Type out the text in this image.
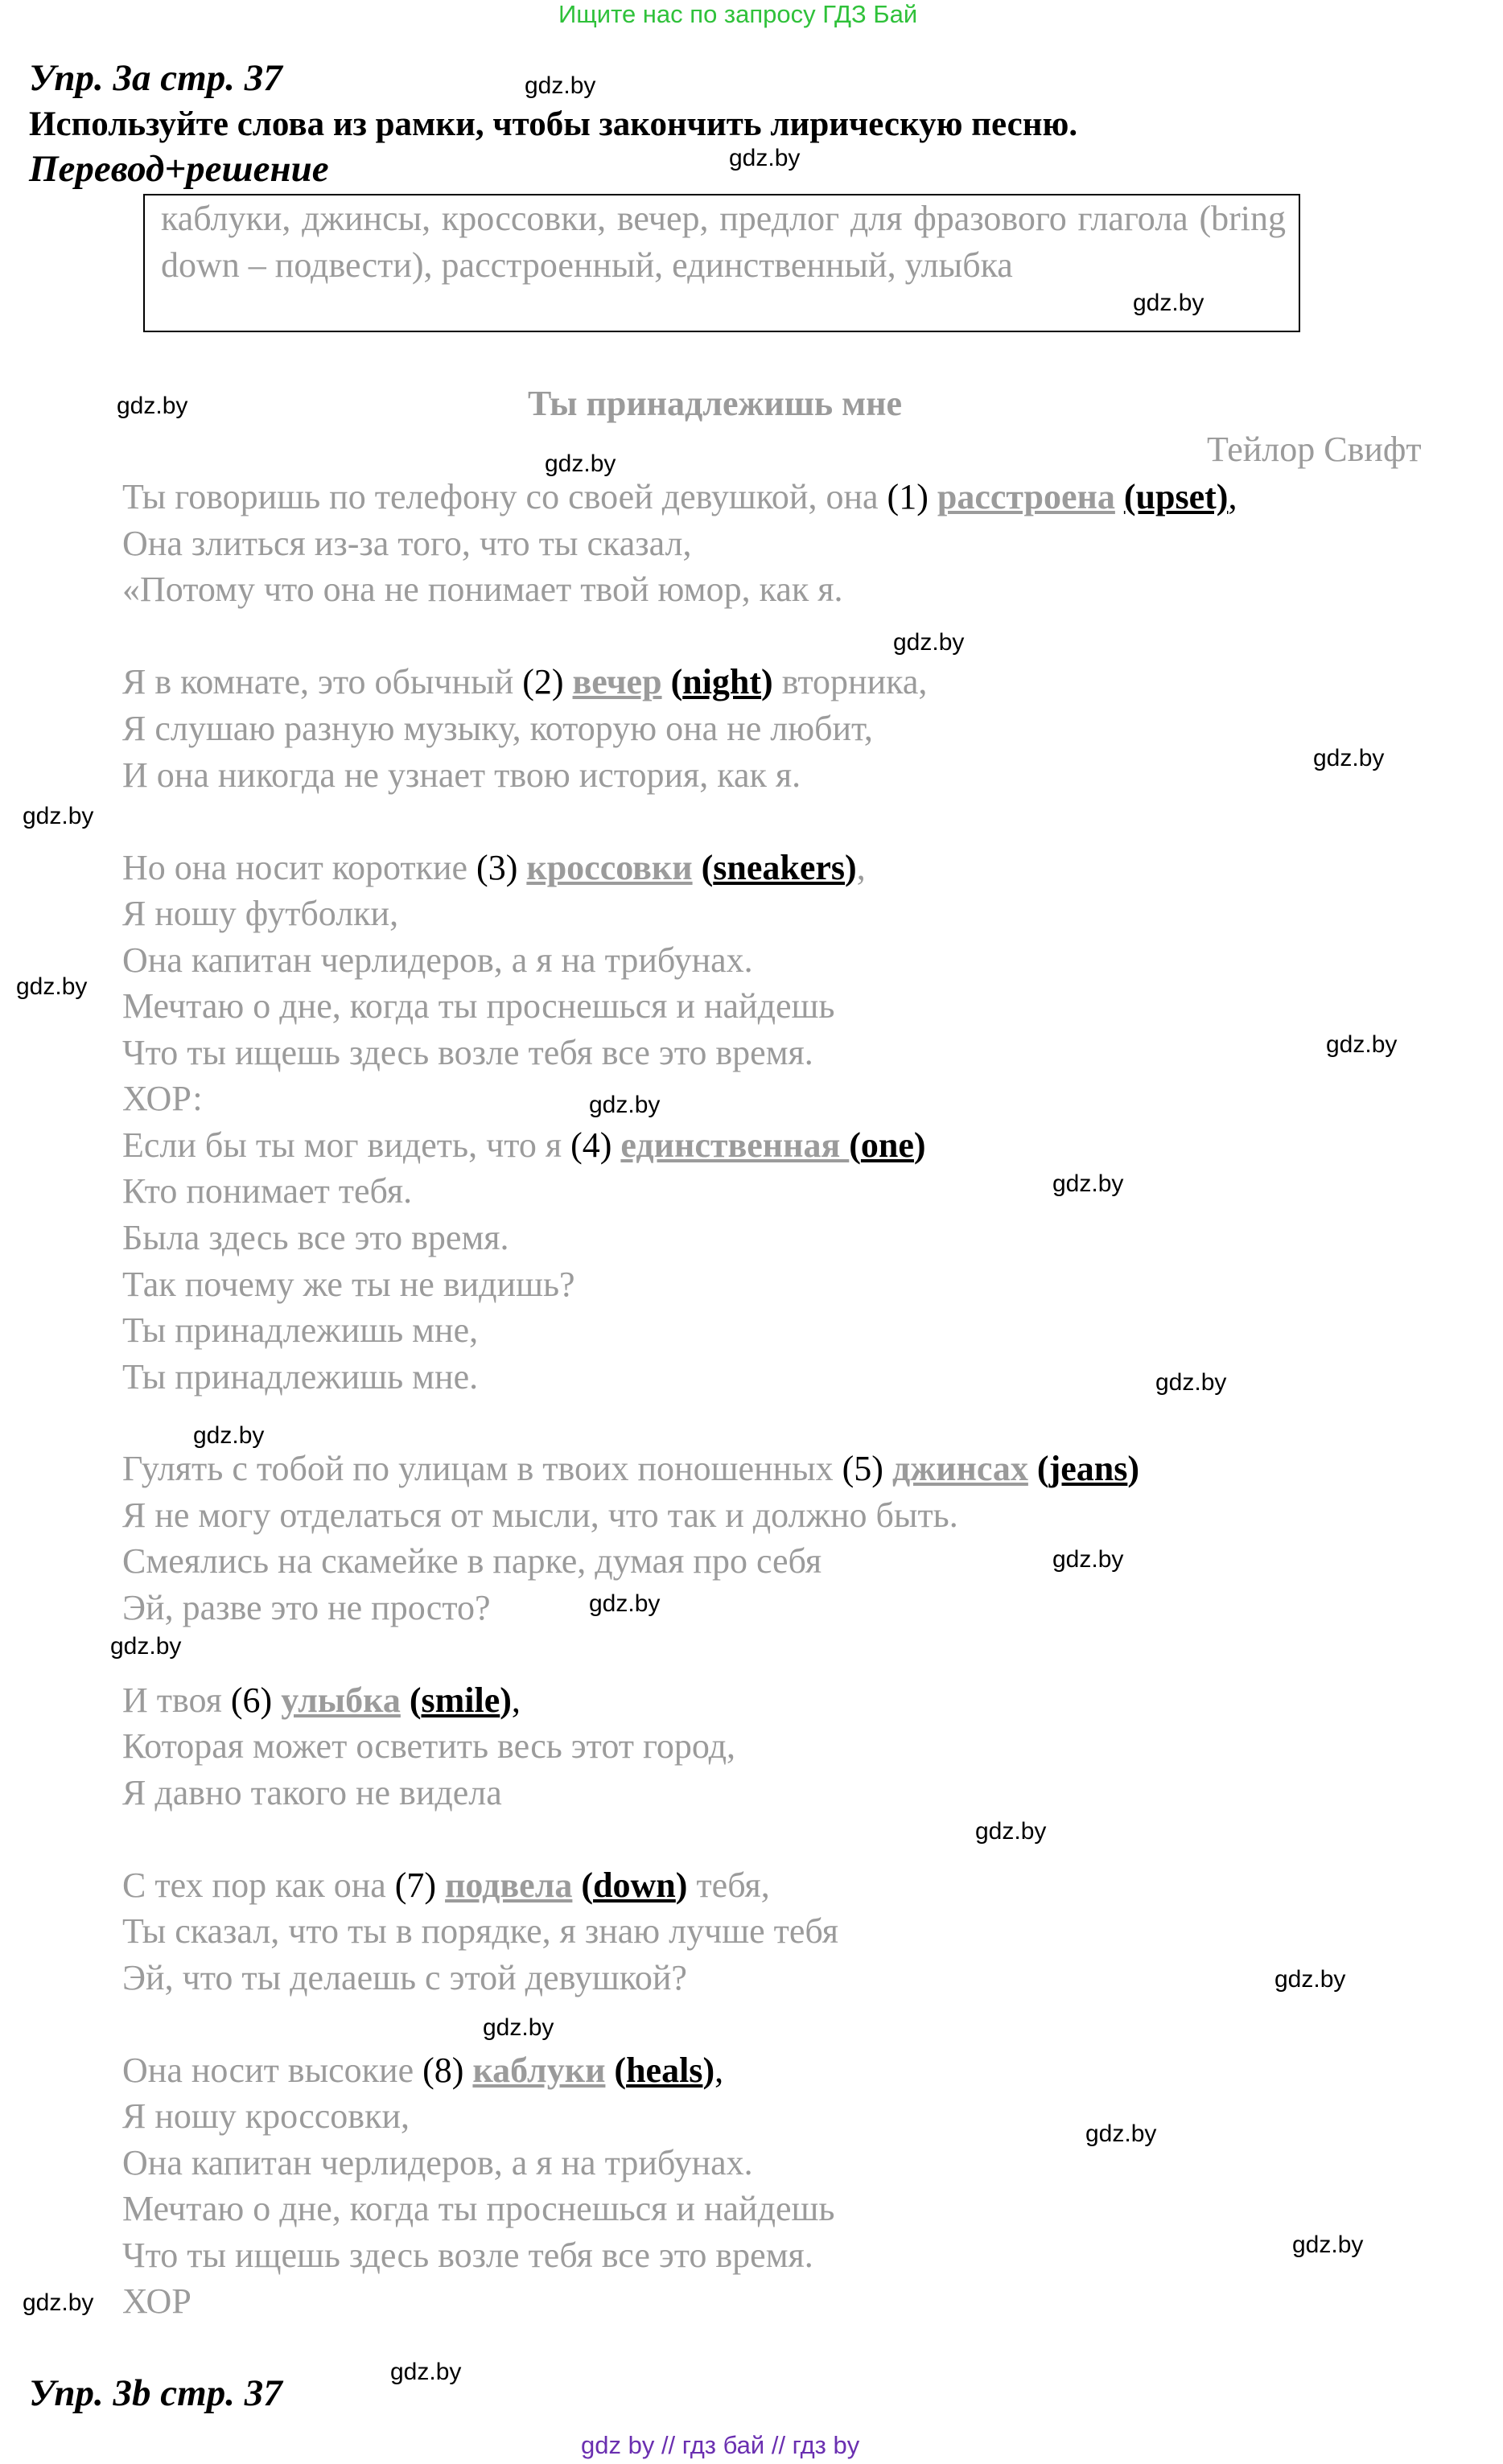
Ищите нас по запросу ГДЗ Бай
Упр. 3а стр. 37	gdz.by
Используйте слова из рамки, чтобы закончить лирическую песню.
Перевод+решение	gdz.by
каблуки, джинсы, кроссовки, вечер, предлог для фразового глагола (bring down – подвести), расстроенный, единственный, улыбка
gdz.by
gdz.by	Ты принадлежишь мне
Тейлор Свифт
gdz.by
Ты говоришь по телефону со своей девушкой, она (1) расстроена (upset),
Она злиться из-за того, что ты сказал,
«Потому что она не понимает твой юмор, как я.
gdz.by
Я в комнате, это обычный (2) вечер (night) вторника,
Я слушаю разную музыку, которую она не любит,
И она никогда не узнает твою история, как я.	gdz.by
gdz.by
Но она носит короткие (3) кроссовки (sneakers),
Я ношу футболки,
Она капитан черлидеров, а я на трибунах.
gdz.by Мечтаю о дне, когда ты проснешься и найдешь
Что ты ищешь здесь возле тебя все это время.	gdz.by
ХОР:	gdz.by
Если бы ты мог видеть, что я (4) единственная (one)
gdz.by
Кто понимает тебя.
Была здесь все это время.
Так почему же ты не видишь?
Ты принадлежишь мне,
Ты принадлежишь мне.	gdz.by
gdz.by
Гулять с тобой по улицам в твоих поношенных (5) джинсах (jeans)
Я не могу отделаться от мысли, что так и должно быть.
Смеялись на скамейке в парке, думая про себя	gdz.by
Эй, разве это не просто?	gdz.by
gdz.by
И твоя (6) улыбка (smile),
Которая может осветить весь этот город,
Я давно такого не видела
gdz.by
С тех пор как она (7) подвела (down) тебя,
Ты сказал, что ты в порядке, я знаю лучше тебя
Эй, что ты делаешь с этой девушкой?	gdz.by
gdz.by
Она носит высокие (8) каблуки (heals),
Я ношу кроссовки,	gdz.by
Она капитан черлидеров, а я на трибунах.
Мечтаю о дне, когда ты проснешься и найдешь
Что ты ищешь здесь возле тебя все это время.	gdz.by
gdz.by ХОР
gdz.by
Упр. 3b стр. 37
gdz by // гдз бай // гдз by
